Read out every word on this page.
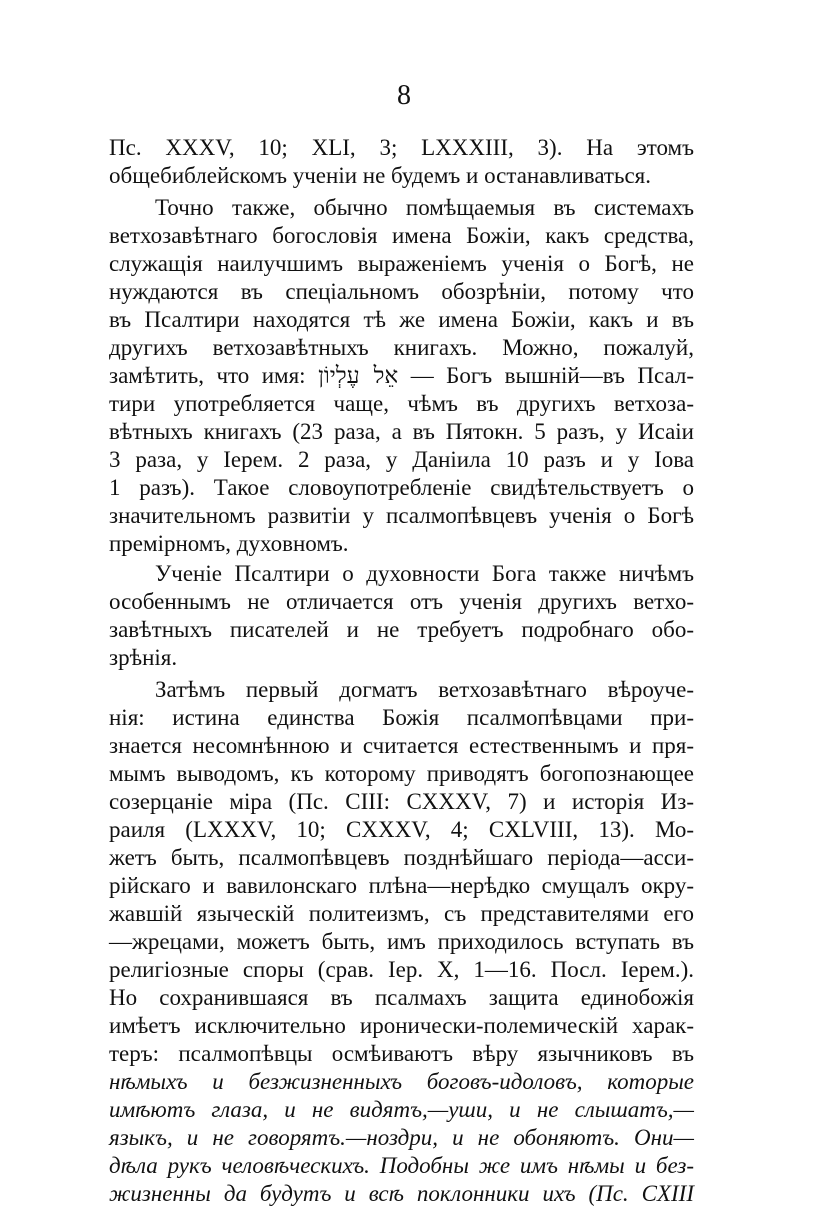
8
Пс. XXXV, 10; XLI, 3; LXXXIII, 3). На этомъ
общебиблейскомъ ученіи не будемъ и останавливаться.
Точно также, обычно помѣщаемыя въ системахъ
ветхозавѣтнаго богословія имена Божіи, какъ средства,
служащія наилучшимъ выраженіемъ ученія о Богѣ, не
нуждаются въ спеціальномъ обозрѣніи, потому что
въ Псалтири находятся тѣ же имена Божіи, какъ и въ
другихъ ветхозавѣтныхъ книгахъ. Можно, пожалуй,
замѣтить, что имя: אֵל עֶלְיוֹן — Богъ вышній—въ Псал-
тири употребляется чаще, чѣмъ въ другихъ ветхоза-
вѣтныхъ книгахъ (23 раза, а въ Пятокн. 5 разъ, у Исаіи
3 раза, у Іерем. 2 раза, у Даніила 10 разъ и у Іова
1 разъ). Такое словоупотребленіе свидѣтельствуетъ о
значительномъ развитіи у псалмопѣвцевъ ученія о Богѣ
премірномъ, духовномъ.
Ученіе Псалтири о духовности Бога также ничѣмъ
особеннымъ не отличается отъ ученія другихъ ветхо-
завѣтныхъ писателей и не требуетъ подробнаго обо-
зрѣнія.
Затѣмъ первый догматъ ветхозавѣтнаго вѣроуче-
нія: истина единства Божія псалмопѣвцами при-
знается несомнѣнною и считается естественнымъ и пря-
мымъ выводомъ, къ которому приводятъ богопознающее
созерцаніе міра (Пс. CIII: CXXXV, 7) и исторія Из-
раиля (LXXXV, 10; CXXXV, 4; CXLVIII, 13). Мо-
жетъ быть, псалмопѣвцевъ позднѣйшаго періода—асси-
рійскаго и вавилонскаго плѣна—нерѣдко смущалъ окру-
жавшій языческій политеизмъ, съ представителями его
—жрецами, можетъ быть, имъ приходилось вступать въ
религіозные споры (срав. Іер. X, 1—16. Посл. Іерем.).
Но сохранившаяся въ псалмахъ защита единобожія
имѣетъ исключительно иронически-полемическій харак-
теръ: псалмопѣвцы осмѣиваютъ вѣру язычниковъ въ
нѣмыхъ и безжизненныхъ боговъ-идоловъ, которые
имѣютъ глаза, и не видятъ,—уши, и не слышатъ,—
языкъ, и не говорятъ.—ноздри, и не обоняютъ. Они—
дѣла рукъ человѣческихъ. Подобны же имъ нѣмы и без-
жизненны да будутъ и всѣ поклонники ихъ (Пс. CXIII
